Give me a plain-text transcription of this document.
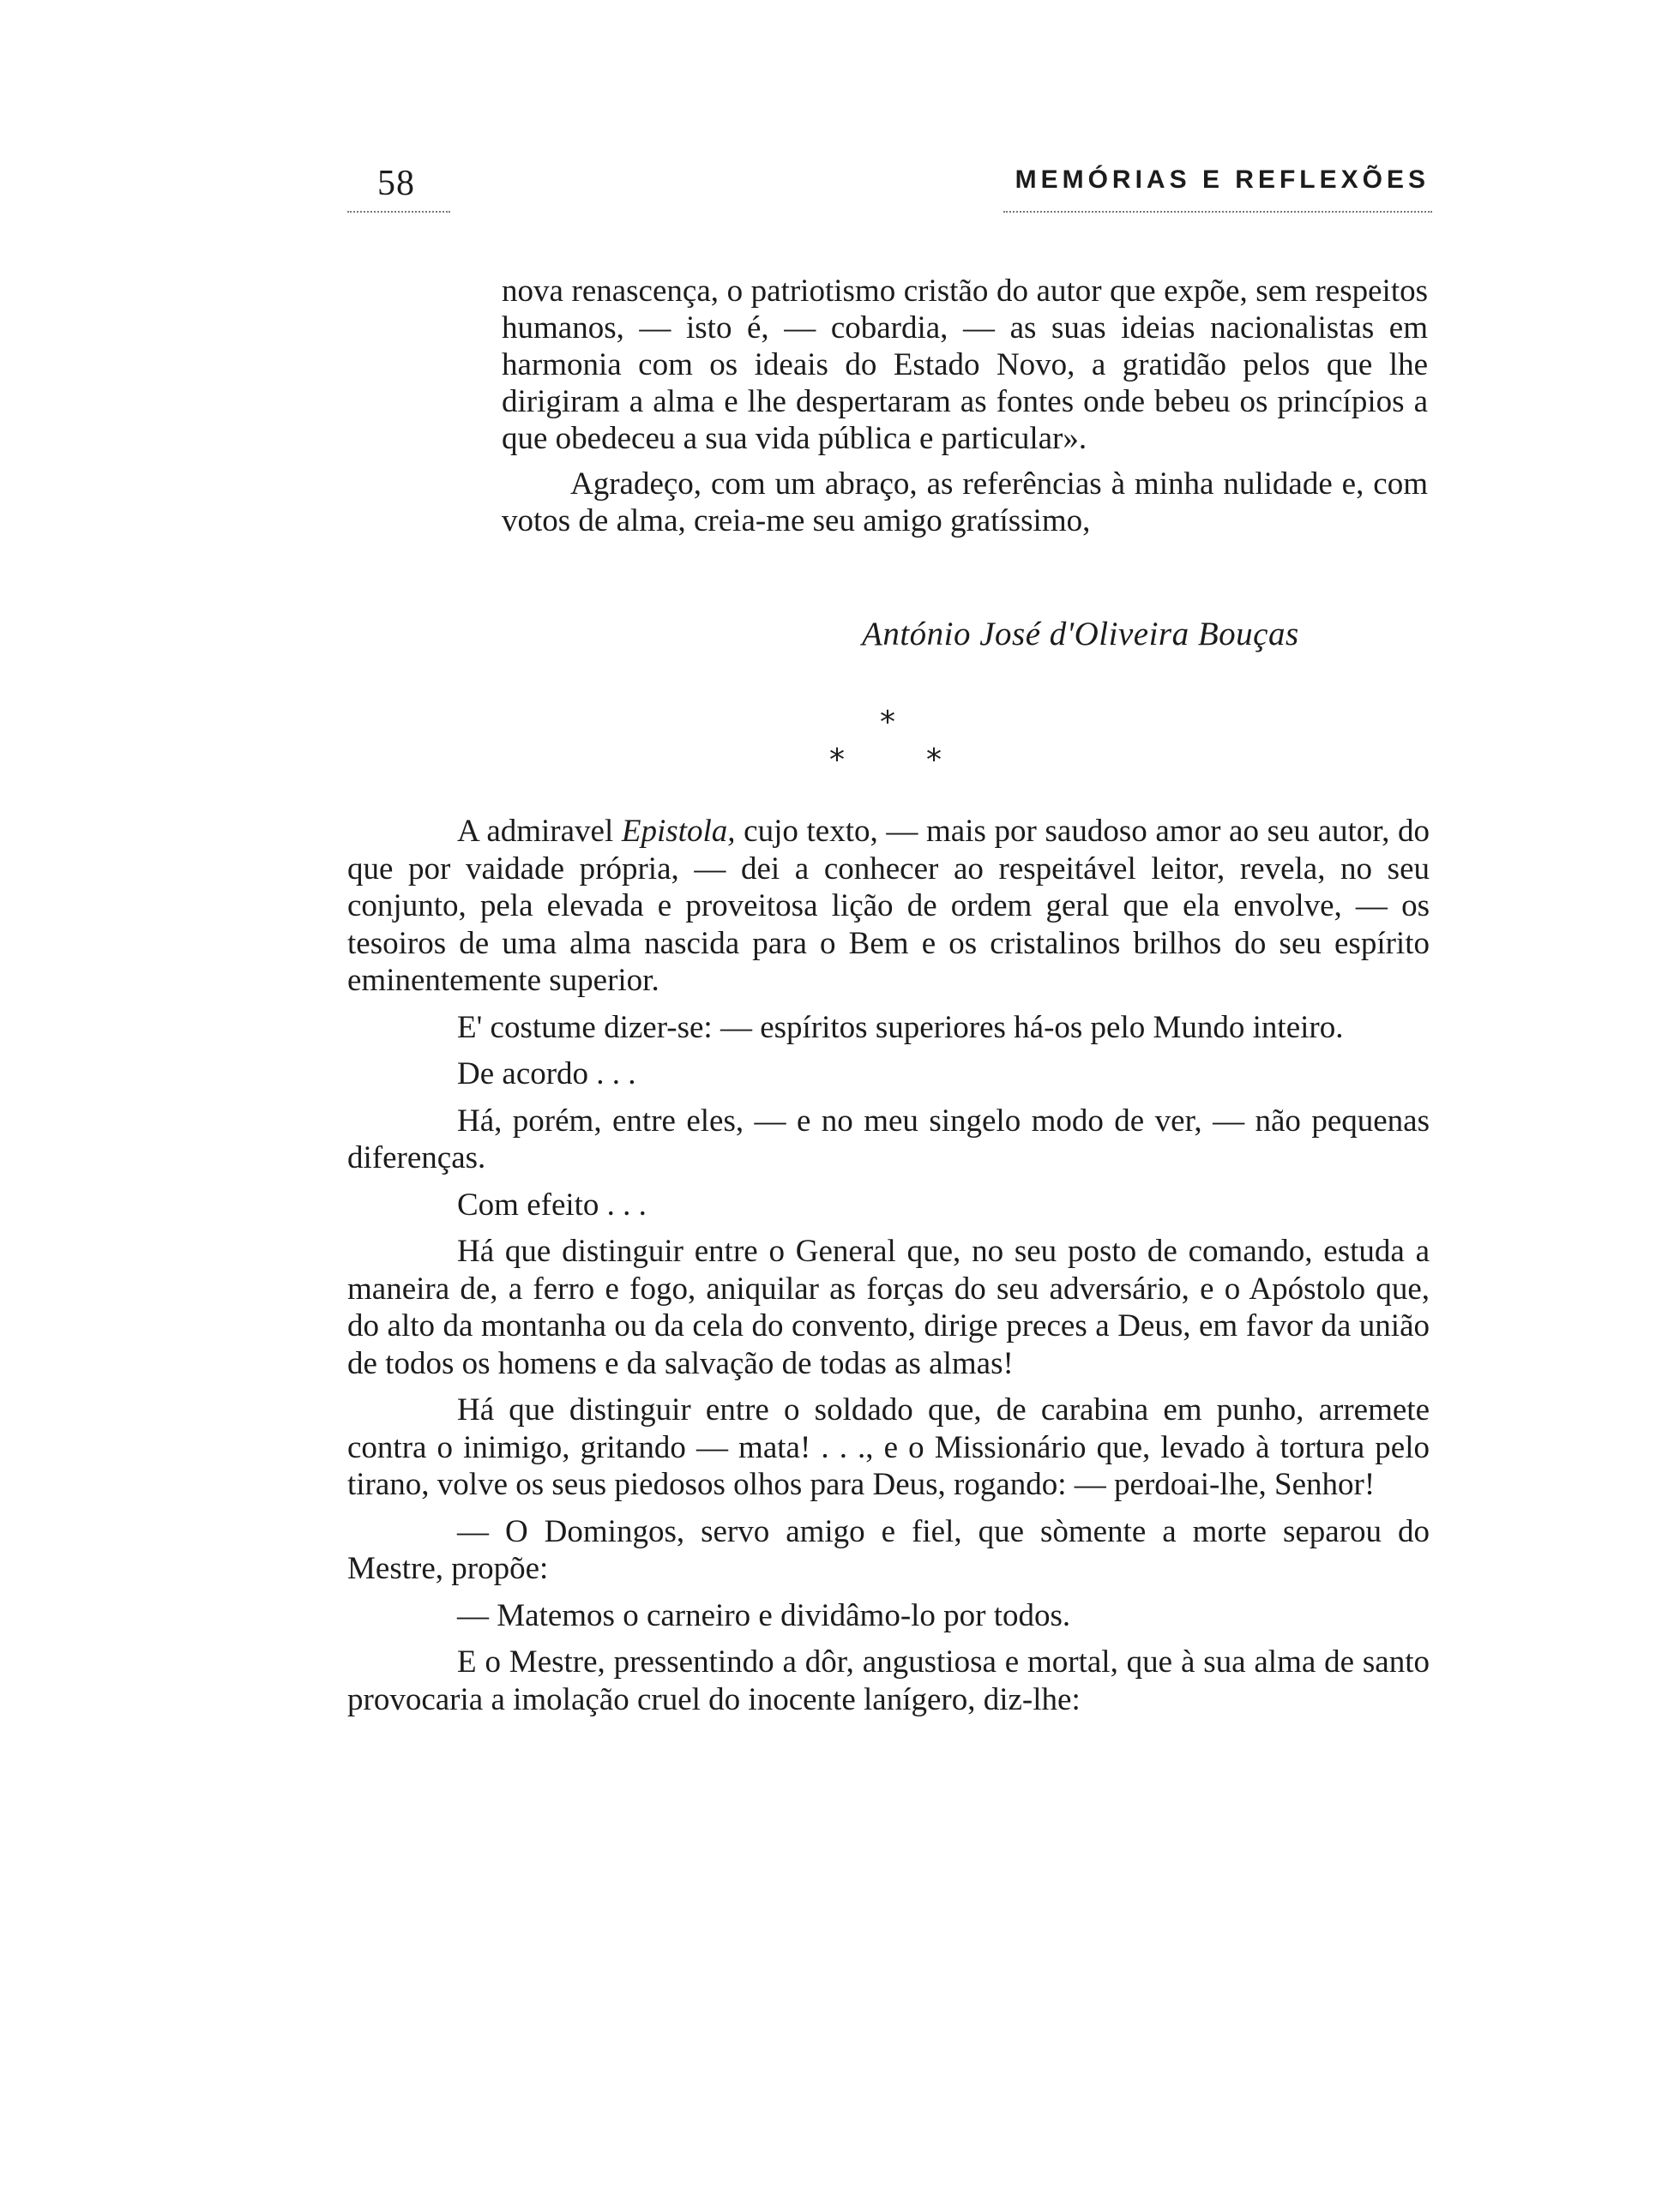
58	MEMÓRIAS E REFLEXÕES

nova renascença, o patriotismo cristão do autor que expõe, sem respeitos humanos, — isto é, — cobardia, — as suas ideias nacionalistas em harmonia com os ideais do Estado Novo, a gratidão pelos que lhe dirigiram a alma e lhe despertaram as fontes onde bebeu os princípios a que obedeceu a sua vida pública e particular».

Agradeço, com um abraço, as referências à minha nulidade e, com votos de alma, creia-me seu amigo gratíssimo,

António José d'Oliveira Bouças
*
*	*

A admiravel Epistola, cujo texto, — mais por saudoso amor ao seu autor, do que por vaidade própria, — dei a conhecer ao respeitável leitor, revela, no seu conjunto, pela elevada e proveitosa lição de ordem geral que ela envolve, — os tesoiros de uma alma nascida para o Bem e os cristalinos brilhos do seu espírito eminentemente superior.

E' costume dizer-se: — espíritos superiores há-os pelo Mundo inteiro.

De acordo . . .

Há, porém, entre eles, — e no meu singelo modo de ver, — não pequenas diferenças.

Com efeito . . .

Há que distinguir entre o General que, no seu posto de comando, estuda a maneira de, a ferro e fogo, aniquilar as forças do seu adversário, e o Apóstolo que, do alto da montanha ou da cela do convento, dirige preces a Deus, em favor da união de todos os homens e da salvação de todas as almas!

Há que distinguir entre o soldado que, de carabina em punho, arremete contra o inimigo, gritando — mata! . . ., e o Missionário que, levado à tortura pelo tirano, volve os seus piedosos olhos para Deus, rogando: — perdoai-lhe, Senhor!

— O Domingos, servo amigo e fiel, que sòmente a morte separou do Mestre, propõe:

— Matemos o carneiro e dividâmo-lo por todos.

E o Mestre, pressentindo a dôr, angustiosa e mortal, que à sua alma de santo provocaria a imolação cruel do inocente lanígero, diz-lhe:
